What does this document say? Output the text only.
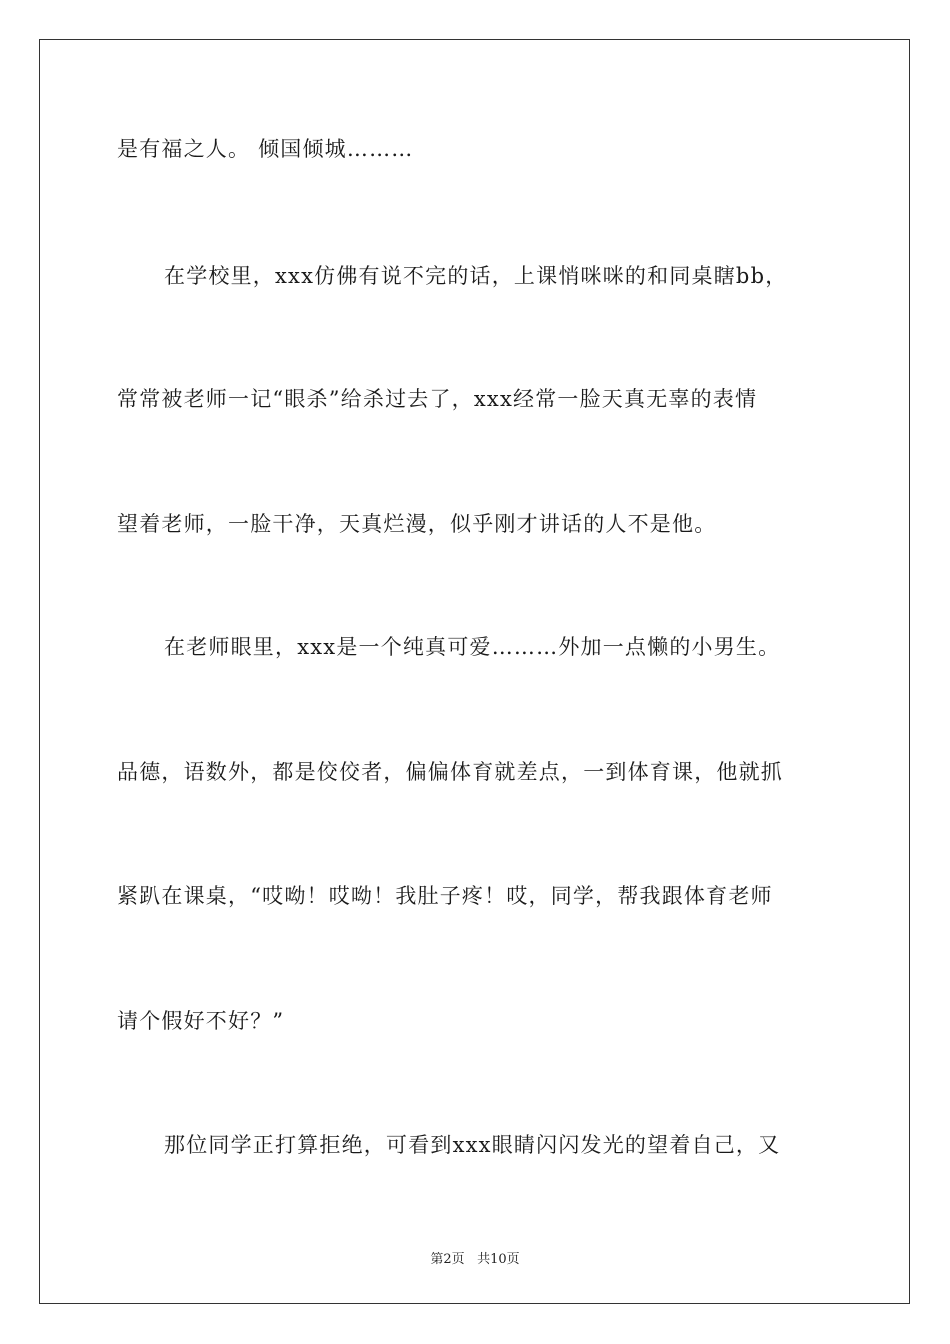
是有福之人。 倾国倾城………
在学校里，xxx仿佛有说不完的话，上课悄咪咪的和同桌瞎bb，
常常被老师一记“眼杀”给杀过去了，xxx经常一脸天真无辜的表情
望着老师，一脸干净，天真烂漫，似乎刚才讲话的人不是他。
在老师眼里，xxx是一个纯真可爱………外加一点懒的小男生。
品德，语数外，都是佼佼者，偏偏体育就差点，一到体育课，他就抓
紧趴在课桌，“哎呦！哎呦！我肚子疼！哎，同学，帮我跟体育老师
请个假好不好？”
那位同学正打算拒绝，可看到xxx眼睛闪闪发光的望着自己，又
第2页 共10页
